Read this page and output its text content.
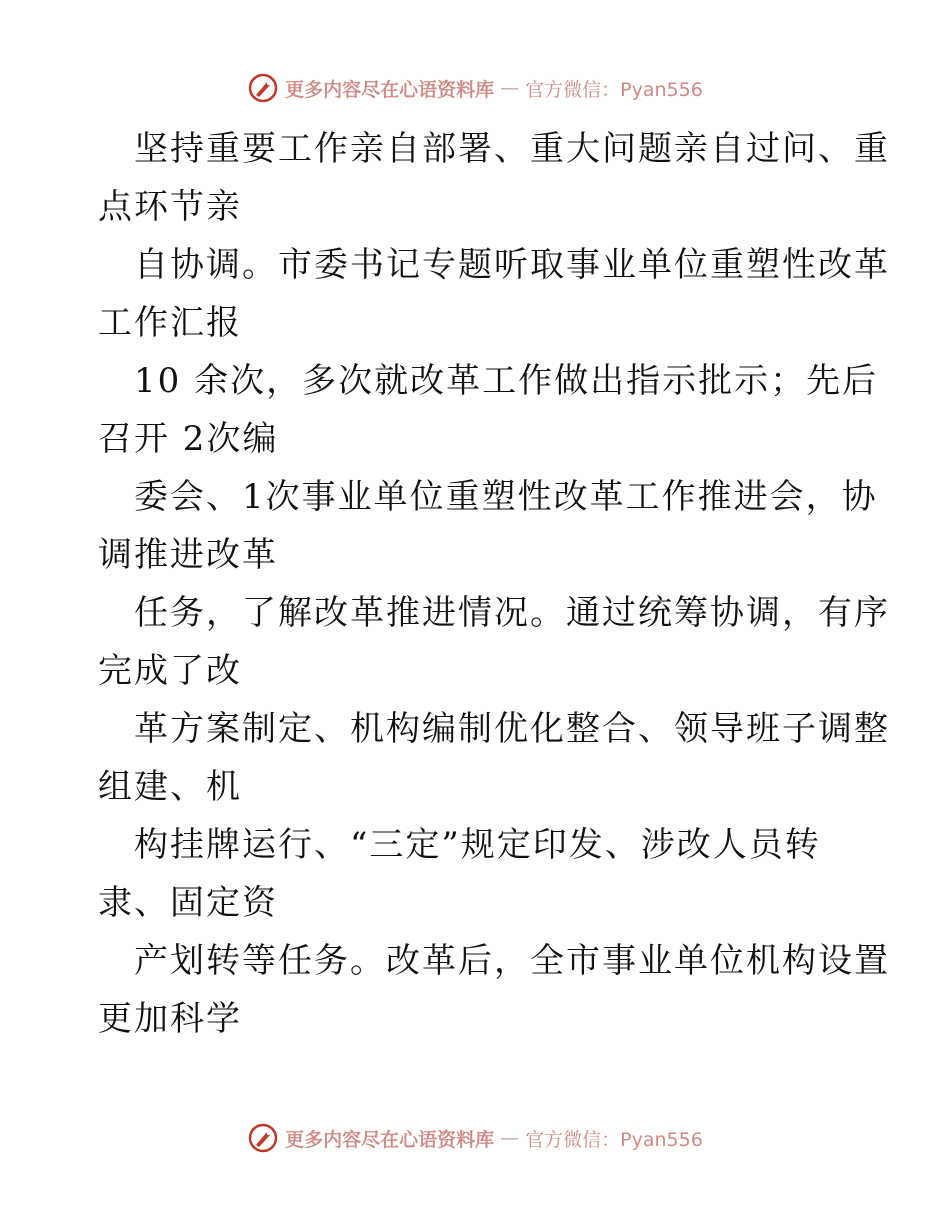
更多内容尽在心语资料库 — 官方微信：Pyan556

坚持重要工作亲自部署、重大问题亲自过问、重
点环节亲

自协调。市委书记专题听取事业单位重塑性改革
工作汇报

10 余次，多次就改革工作做出指示批示；先后
召开 2次编

委会、1次事业单位重塑性改革工作推进会，协
调推进改革

任务，了解改革推进情况。通过统筹协调，有序
完成了改

革方案制定、机构编制优化整合、领导班子调整
组建、机

构挂牌运行、“三定”规定印发、涉改人员转
隶、固定资

产划转等任务。改革后，全市事业单位机构设置
更加科学

更多内容尽在心语资料库 — 官方微信：Pyan556
